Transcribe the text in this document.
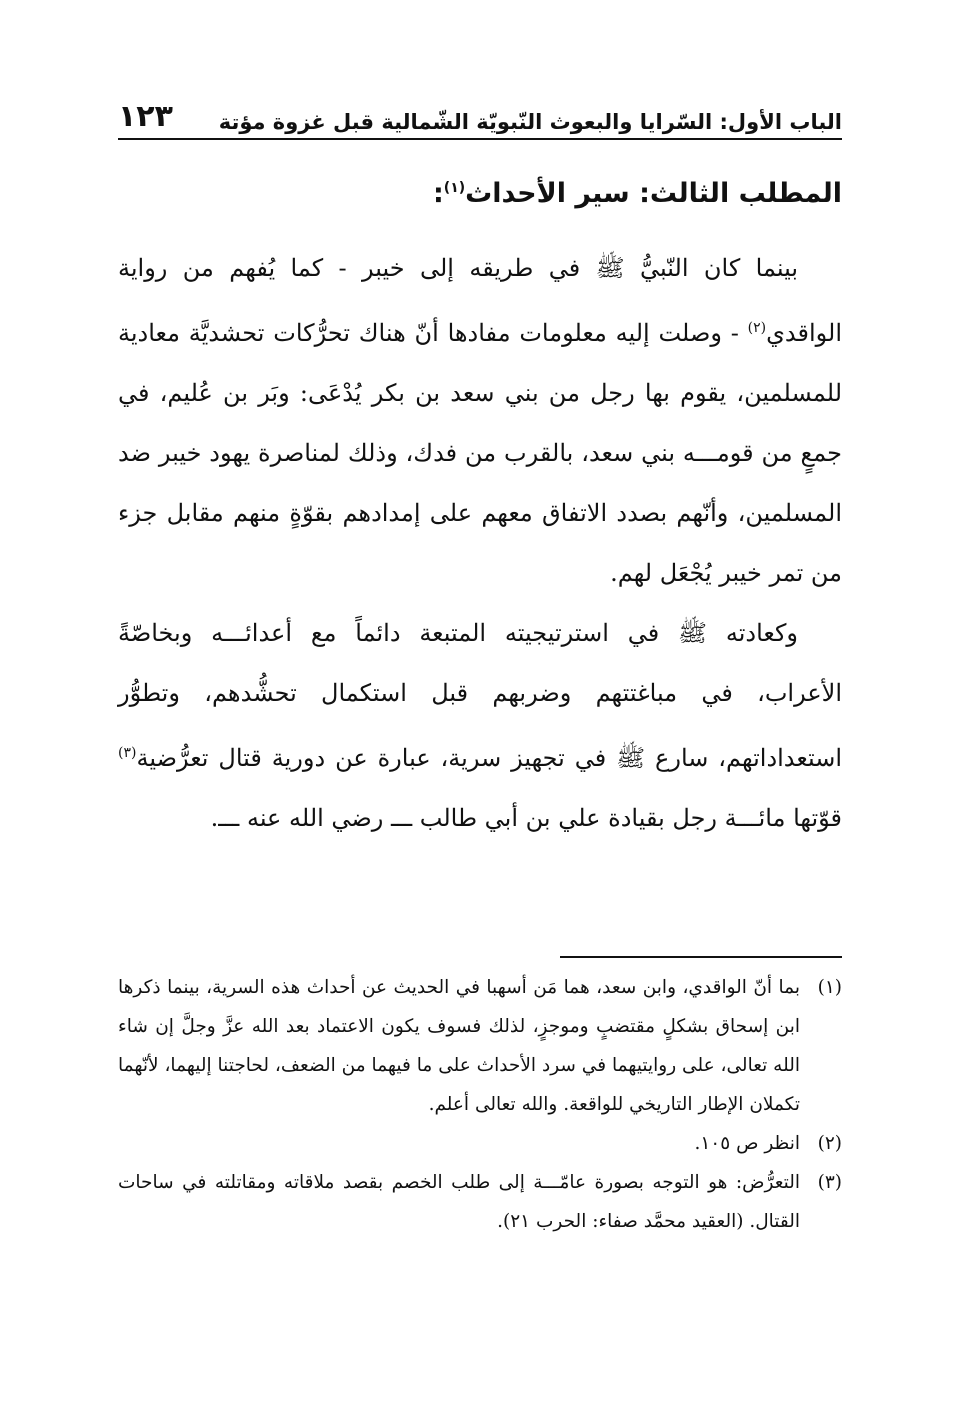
الباب الأول: السّرايا والبعوث النّبويّة الشّمالية قبل غزوة مؤتة
١٢٣
المطلب الثالث: سير الأحداث$^{(١)}$:

بينما كان النّبيُّ ﷺ في طريقه إلى خيبر - كما يُفهم من رواية الواقدي$^{(٢)}$ - وصلت إليه معلومات مفادها أنّ هناك تحرُّكات تحشديَّة معادية للمسلمين، يقوم بها رجل من بني سعد بن بكر يُدْعَى: وبَر بن عُليم، في جمعٍ من قومـــه بني سعد، بالقرب من فدك، وذلك لمناصرة يهود خيبر ضد المسلمين، وأنّهم بصدد الاتفاق معهم على إمدادهم بقوّةٍ منهم مقابل جزء من تمر خيبر يُجْعَل لهم.

وكعادته ﷺ في استرتيجيته المتبعة دائماً مع أعدائـــه وبخاصّةً الأعراب، في مباغتتهم وضربهم قبل استكمال تحشُّدهم، وتطوُّر استعداداتهم، سارع ﷺ في تجهيز سرية، عبارة عن دورية قتال تعرُّضية$^{(٣)}$ قوّتها مائـــة رجل بقيادة علي بن أبي طالب ـــ رضي الله عنه ـــ.

(١)
بما أنّ الواقدي، وابن سعد، هما مَن أسهبا في الحديث عن أحداث هذه السرية، بينما ذكرها ابن إسحاق بشكلٍ مقتضبٍ وموجزٍ، لذلك فسوف يكون الاعتماد بعد الله عزَّ وجلَّ إن شاء الله تعالى، على روايتيهما في سرد الأحداث على ما فيهما من الضعف، لحاجتنا إليهما، لأنّهما تكملان الإطار التاريخي للواقعة. والله تعالى أعلم.
(٢)
انظر ص ١٠٥.
(٣)
التعرُّض: هو التوجه بصورة عامّـــة إلى طلب الخصم بقصد ملاقاته ومقاتلته في ساحات القتال. (العقيد محمَّد صفاء: الحرب ٢١).
